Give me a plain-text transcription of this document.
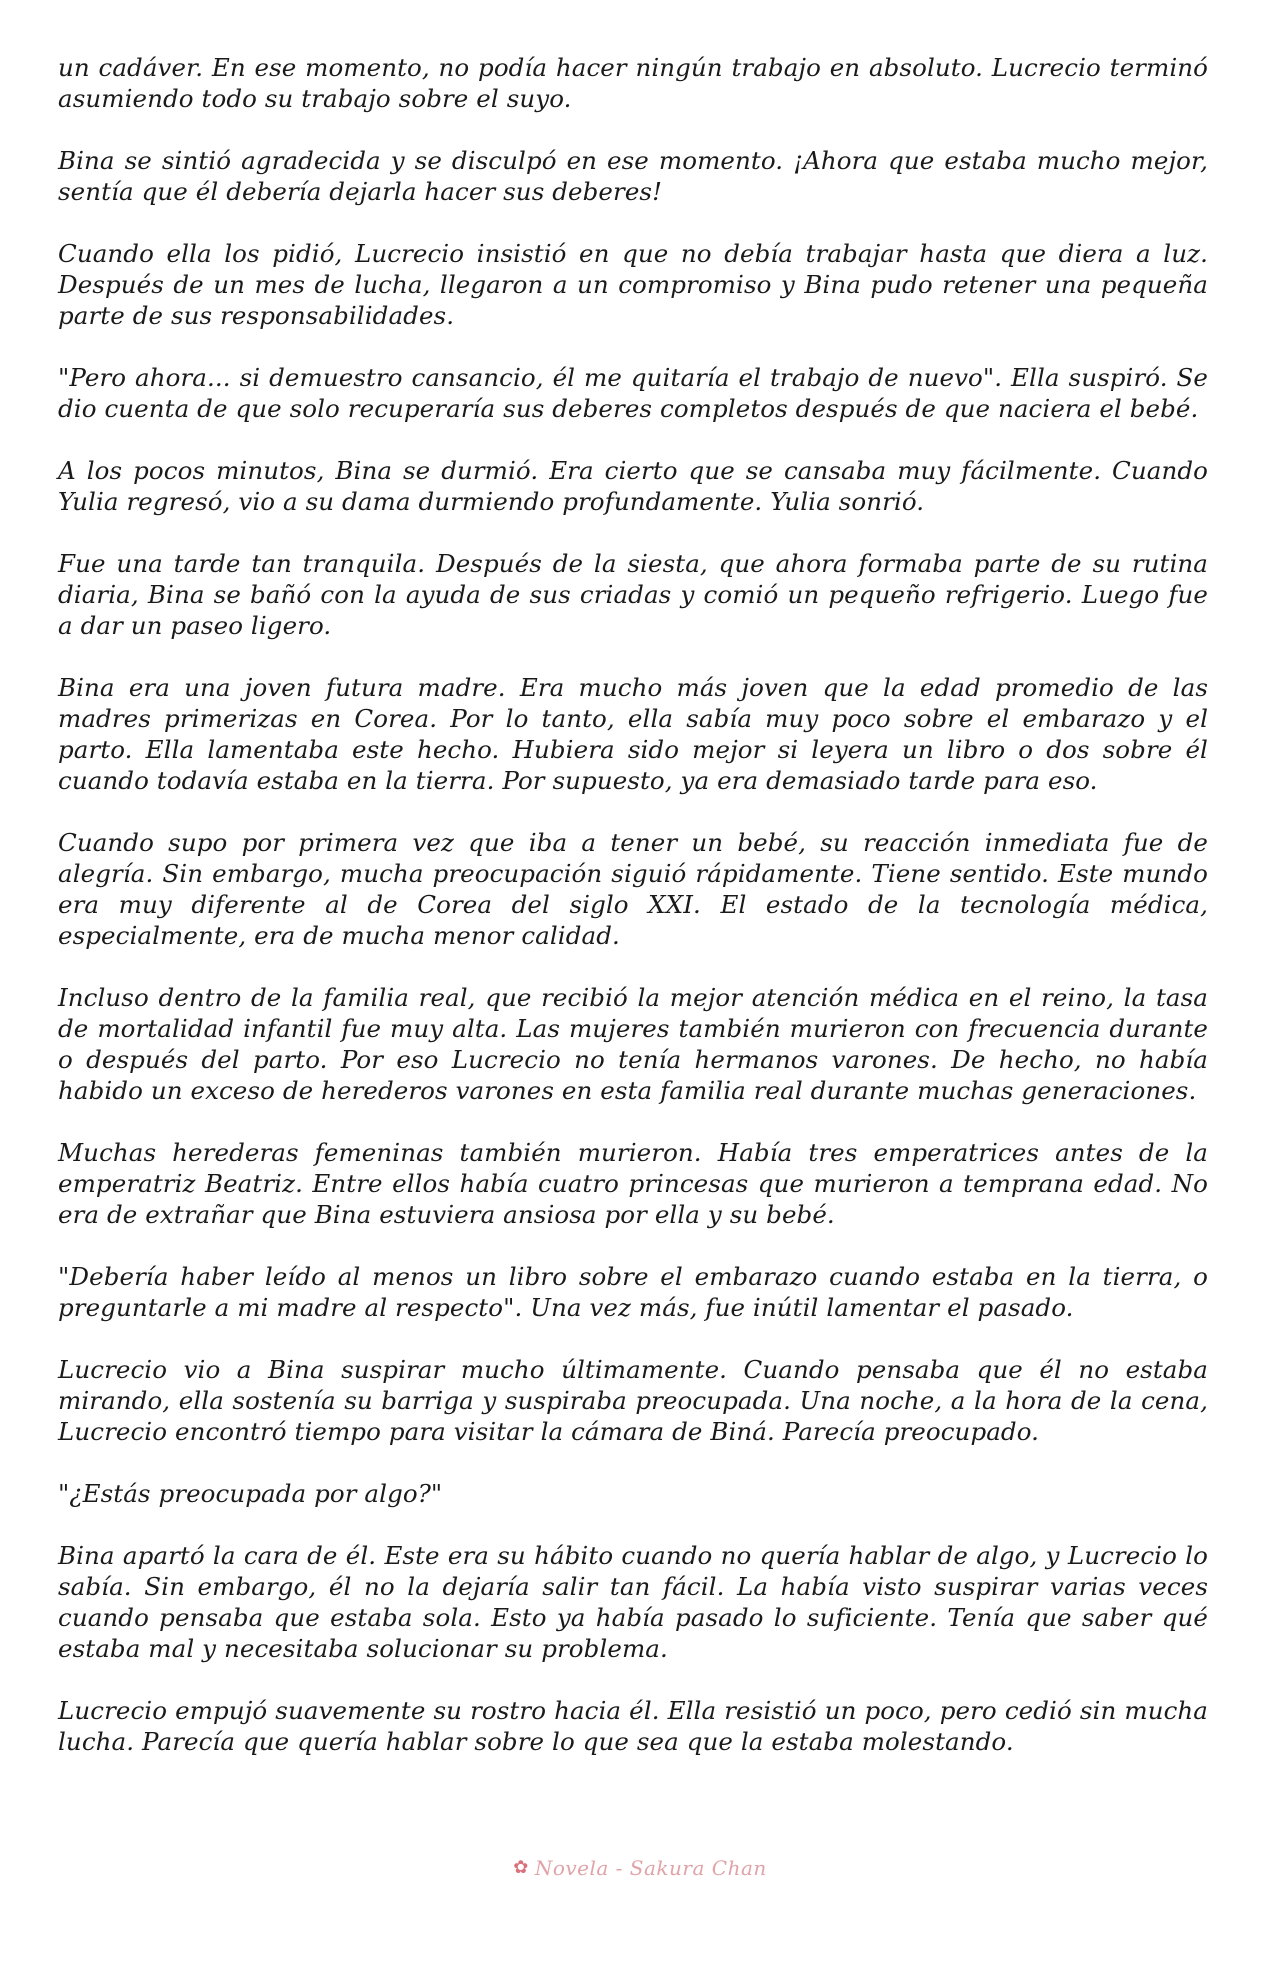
un cadáver. En ese momento, no podía hacer ningún trabajo en absoluto. Lucrecio terminó asumiendo todo su trabajo sobre el suyo.

Bina se sintió agradecida y se disculpó en ese momento. ¡Ahora que estaba mucho mejor, sentía que él debería dejarla hacer sus deberes!

Cuando ella los pidió, Lucrecio insistió en que no debía trabajar hasta que diera a luz. Después de un mes de lucha, llegaron a un compromiso y Bina pudo retener una pequeña parte de sus responsabilidades.

"Pero ahora... si demuestro cansancio, él me quitaría el trabajo de nuevo". Ella suspiró. Se dio cuenta de que solo recuperaría sus deberes completos después de que naciera el bebé.

A los pocos minutos, Bina se durmió. Era cierto que se cansaba muy fácilmente. Cuando Yulia regresó, vio a su dama durmiendo profundamente. Yulia sonrió.

Fue una tarde tan tranquila. Después de la siesta, que ahora formaba parte de su rutina diaria, Bina se bañó con la ayuda de sus criadas y comió un pequeño refrigerio. Luego fue a dar un paseo ligero.

Bina era una joven futura madre. Era mucho más joven que la edad promedio de las madres primerizas en Corea. Por lo tanto, ella sabía muy poco sobre el embarazo y el parto. Ella lamentaba este hecho. Hubiera sido mejor si leyera un libro o dos sobre él cuando todavía estaba en la tierra. Por supuesto, ya era demasiado tarde para eso.

Cuando supo por primera vez que iba a tener un bebé, su reacción inmediata fue de alegría. Sin embargo, mucha preocupación siguió rápidamente. Tiene sentido. Este mundo era muy diferente al de Corea del siglo XXI. El estado de la tecnología médica, especialmente, era de mucha menor calidad.

Incluso dentro de la familia real, que recibió la mejor atención médica en el reino, la tasa de mortalidad infantil fue muy alta. Las mujeres también murieron con frecuencia durante o después del parto. Por eso Lucrecio no tenía hermanos varones. De hecho, no había habido un exceso de herederos varones en esta familia real durante muchas generaciones.

Muchas herederas femeninas también murieron. Había tres emperatrices antes de la emperatriz Beatriz. Entre ellos había cuatro princesas que murieron a temprana edad. No era de extrañar que Bina estuviera ansiosa por ella y su bebé.

"Debería haber leído al menos un libro sobre el embarazo cuando estaba en la tierra, o preguntarle a mi madre al respecto". Una vez más, fue inútil lamentar el pasado.

Lucrecio vio a Bina suspirar mucho últimamente. Cuando pensaba que él no estaba mirando, ella sostenía su barriga y suspiraba preocupada. Una noche, a la hora de la cena, Lucrecio encontró tiempo para visitar la cámara de Biná. Parecía preocupado.

"¿Estás preocupada por algo?"

Bina apartó la cara de él. Este era su hábito cuando no quería hablar de algo, y Lucrecio lo sabía. Sin embargo, él no la dejaría salir tan fácil. La había visto suspirar varias veces cuando pensaba que estaba sola. Esto ya había pasado lo suficiente. Tenía que saber qué estaba mal y necesitaba solucionar su problema.

Lucrecio empujó suavemente su rostro hacia él. Ella resistió un poco, pero cedió sin mucha lucha. Parecía que quería hablar sobre lo que sea que la estaba molestando.

✿ Novela - Sakura Chan
